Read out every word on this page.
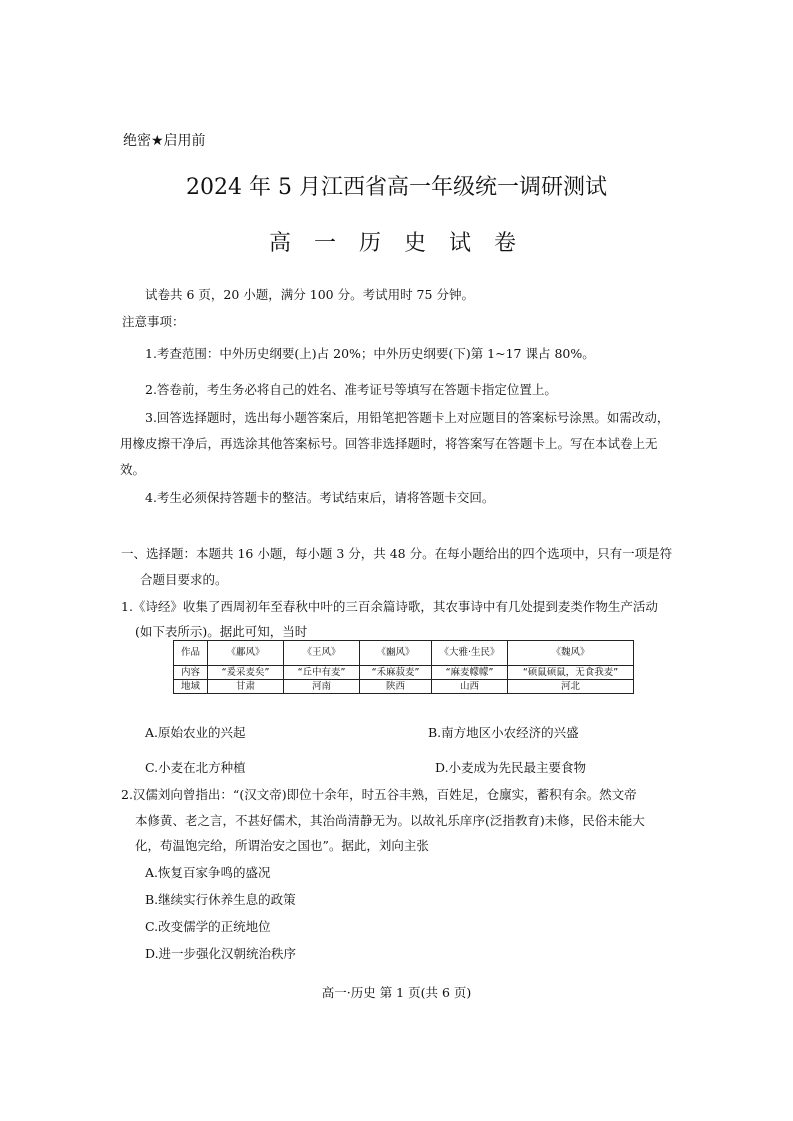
绝密★启用前
2024 年 5 月江西省高一年级统一调研测试
高 一 历 史 试 卷
试卷共 6 页，20 小题，满分 100 分。考试用时 75 分钟。
注意事项：
1.考查范围：中外历史纲要(上)占 20%；中外历史纲要(下)第 1~17 课占 80%。
2.答卷前，考生务必将自己的姓名、准考证号等填写在答题卡指定位置上。
3.回答选择题时，选出每小题答案后，用铅笔把答题卡上对应题目的答案标号涂黑。如需改动，
用橡皮擦干净后，再选涂其他答案标号。回答非选择题时，将答案写在答题卡上。写在本试卷上无
效。
4.考生必须保持答题卡的整洁。考试结束后，请将答题卡交回。
一、选择题：本题共 16 小题，每小题 3 分，共 48 分。在每小题给出的四个选项中，只有一项是符
合题目要求的。
1.《诗经》收集了西周初年至春秋中叶的三百余篇诗歌，其农事诗中有几处提到麦类作物生产活动
(如下表所示)。据此可知，当时
作品	《鄘风》	《王风》	《豳风》	《大雅·生民》	《魏风》
内容	“爰采麦矣”	“丘中有麦”	“禾麻菽麦”	“麻麦幪幪”	“硕鼠硕鼠，无食我麦”
地域	甘肃	河南	陕西	山西	河北
A.原始农业的兴起	B.南方地区小农经济的兴盛
C.小麦在北方种植	D.小麦成为先民最主要食物
2.汉儒刘向曾指出：“(汉文帝)即位十余年，时五谷丰熟，百姓足，仓廪实，蓄积有余。然文帝
本修黄、老之言，不甚好儒术，其治尚清静无为。以故礼乐庠序(泛指教育)未修，民俗未能大
化，苟温饱完给，所谓治安之国也”。据此，刘向主张
A.恢复百家争鸣的盛况
B.继续实行休养生息的政策
C.改变儒学的正统地位
D.进一步强化汉朝统治秩序
高一·历史 第 1 页(共 6 页)
